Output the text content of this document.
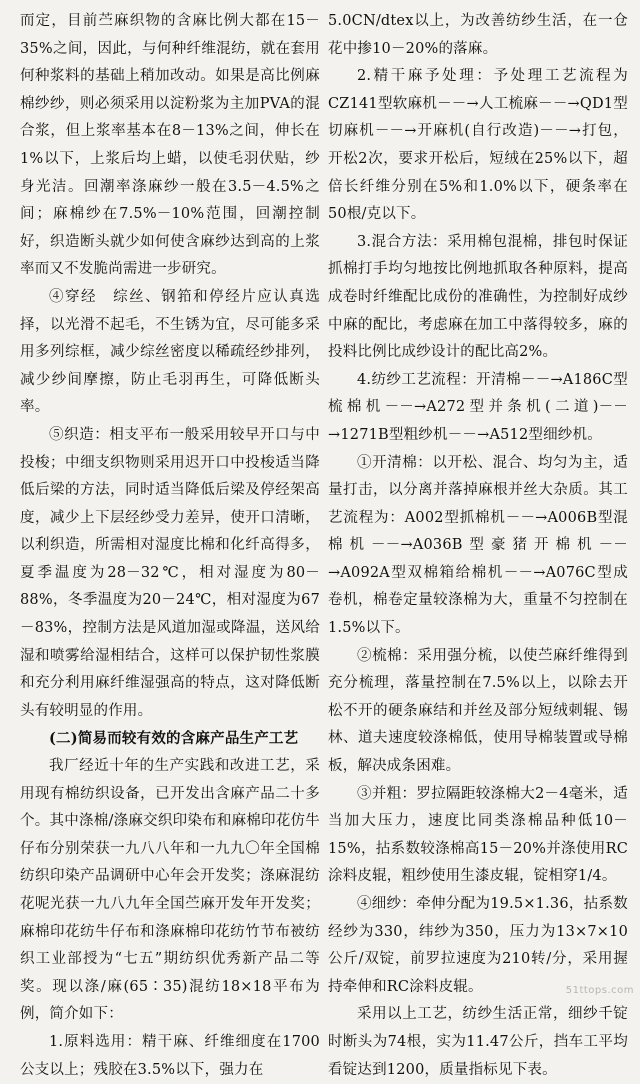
而定，目前苎麻织物的含麻比例大都在15－35%之间，因此，与何种纤维混纺，就在套用何种浆料的基础上稍加改动。如果是高比例麻棉纱纱，则必须采用以淀粉浆为主加PVA的混合浆，但上浆率基本在8－13%之间，伸长在1%以下，上浆后均上蜡，以使毛羽伏贴，纱身光洁。回潮率涤麻纱一般在3.5－4.5%之间；麻棉纱在7.5%－10%范围，回潮控制好，织造断头就少如何使含麻纱达到高的上浆率而又不发脆尚需进一步研究。

④穿经　综丝、钢筘和停经片应认真选择，以光滑不起毛，不生锈为宜，尽可能多采用多列综框，减少综丝密度以稀疏经纱排列，减少纱间摩擦，防止毛羽再生，可降低断头率。

⑤织造：相支平布一般采用较早开口与中投梭；中细支织物则采用迟开口中投梭适当降低后梁的方法，同时适当降低后梁及停经架高度，减少上下层经纱受力差异，使开口清晰，以利织造，所需相对湿度比棉和化纤高得多，夏季温度为28－32℃，相对湿度为80－88%，冬季温度为20－24℃，相对湿度为67－83%，控制方法是风道加湿或降温，送风给湿和喷雾给湿相结合，这样可以保护韧性浆膜和充分利用麻纤维湿强高的特点，这对降低断头有较明显的作用。

(二)简易而较有效的含麻产品生产工艺

我厂经近十年的生产实践和改进工艺，采用现有棉纺织设备，已开发出含麻产品二十多个。其中涤棉/涤麻交织印染布和麻棉印花仿牛仔布分别荣获一九八八年和一九九〇年全国棉纺织印染产品调研中心年会开发奖；涤麻混纺花呢光获一九八九年全国苎麻开发年开发奖；麻棉印花纺牛仔布和涤麻棉印花纺竹节布被纺织工业部授为“七五”期纺织优秀新产品二等奖。现以涤/麻(65∶35)混纺18×18平布为例，简介如下：

1.原料选用：精干麻、纤维细度在1700公支以上；残胶在3.5%以下，强力在

5.0CN/dtex以上，为改善纺纱生活，在一仓花中掺10－20%的落麻。

2.精干麻予处理：予处理工艺流程为CZ141型软麻机－－→人工梳麻－－→QD1型切麻机－－→开麻机(自行改造)－－→打包，开松2次，要求开松后，短绒在25%以下，超倍长纤维分别在5%和1.0%以下，硬条率在50根/克以下。

3.混合方法：采用棉包混棉，排包时保证抓棉打手均匀地按比例地抓取各种原料，提高成卷时纤维配比成份的准确性，为控制好成纱中麻的配比，考虑麻在加工中落得较多，麻的投料比例比成纱设计的配比高2%。

4.纺纱工艺流程：开清棉－－→A186C型梳棉机－－→A272型并条机(二道)－－→1271B型粗纱机－－→A512型细纱机。

①开清棉：以开松、混合、均匀为主，适量打击，以分离并落掉麻根并丝大杂质。其工艺流程为：A002型抓棉机－－→A006B型混棉机－－→A036B型豪猪开棉机－－→A092A型双棉箱给棉机－－→A076C型成卷机，棉卷定量较涤棉为大，重量不匀控制在1.5%以下。

②梳棉：采用强分梳，以使苎麻纤维得到充分梳理，落量控制在7.5%以上，以除去开松不开的硬条麻结和并丝及部分短绒刺辊、锡林、道夫速度较涤棉低，使用导棉装置或导棉板，解决成条困难。

③并粗：罗拉隔距较涤棉大2－4毫米，适当加大压力，速度比同类涤棉品种低10－15%，拈系数较涤棉高15－20%并涤使用RC涂料皮辊，粗纱使用生漆皮辊，锭相穿1/4。

④细纱：牵伸分配为19.5×1.36，拈系数经纱为330，纬纱为350，压力为13×7×10公斤/双锭，前罗拉速度为210转/分，采用握持牵伸和RC涂料皮辊。

采用以上工艺，纺纱生活正常，细纱千锭时断头为74根，实为11.47公斤，挡车工平均看锭达到1200，质量指标见下表。

51ttops.com
